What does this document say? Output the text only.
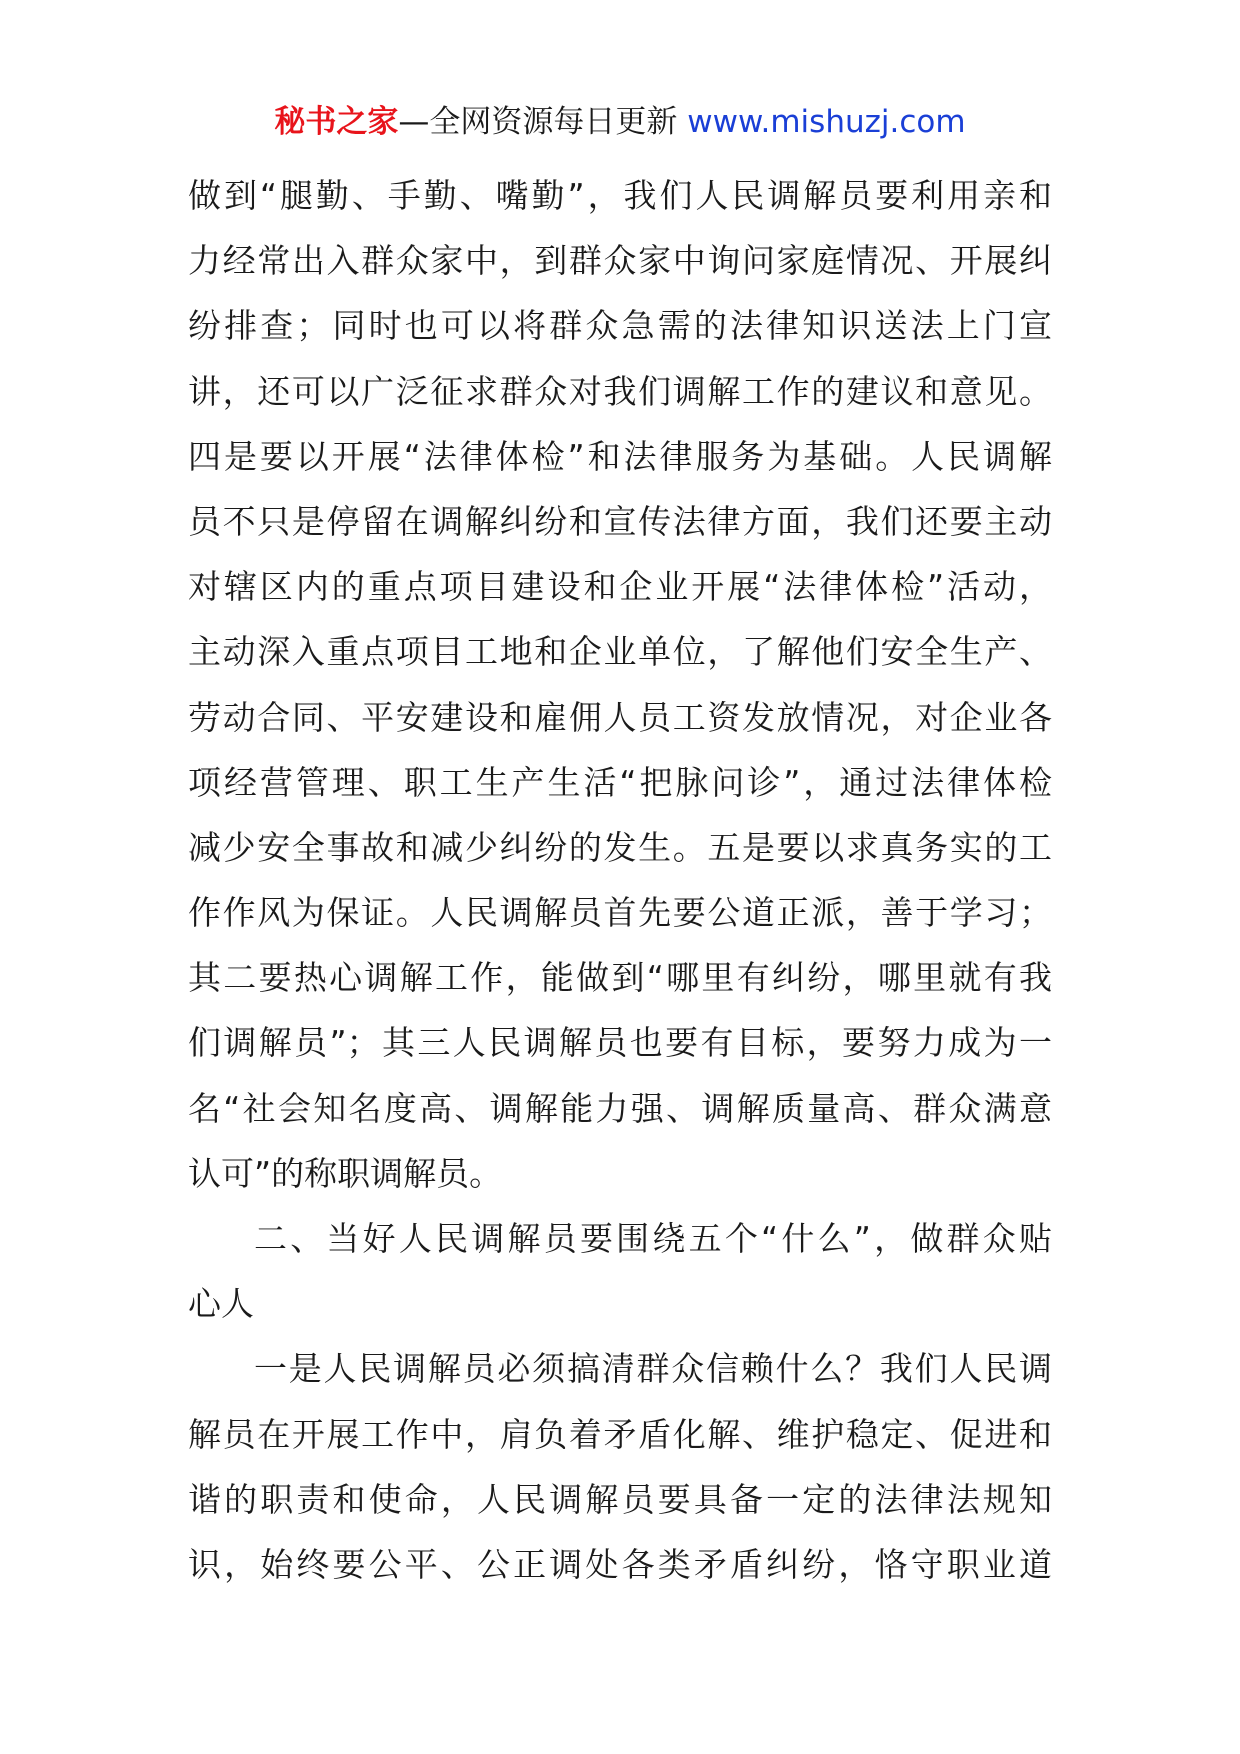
秘书之家—全网资源每日更新 www.mishuzj.com
做到“腿勤、手勤、嘴勤”，我们人民调解员要利用亲和
力经常出入群众家中，到群众家中询问家庭情况、开展纠
纷排查；同时也可以将群众急需的法律知识送法上门宣
讲，还可以广泛征求群众对我们调解工作的建议和意见。
四是要以开展“法律体检”和法律服务为基础。人民调解
员不只是停留在调解纠纷和宣传法律方面，我们还要主动
对辖区内的重点项目建设和企业开展“法律体检”活动，
主动深入重点项目工地和企业单位，了解他们安全生产、
劳动合同、平安建设和雇佣人员工资发放情况，对企业各
项经营管理、职工生产生活“把脉问诊”，通过法律体检
减少安全事故和减少纠纷的发生。五是要以求真务实的工
作作风为保证。人民调解员首先要公道正派，善于学习；
其二要热心调解工作，能做到“哪里有纠纷，哪里就有我
们调解员”；其三人民调解员也要有目标，要努力成为一
名“社会知名度高、调解能力强、调解质量高、群众满意
认可”的称职调解员。
二、当好人民调解员要围绕五个“什么”，做群众贴
心人
一是人民调解员必须搞清群众信赖什么？我们人民调
解员在开展工作中，肩负着矛盾化解、维护稳定、促进和
谐的职责和使命，人民调解员要具备一定的法律法规知
识，始终要公平、公正调处各类矛盾纠纷，恪守职业道
